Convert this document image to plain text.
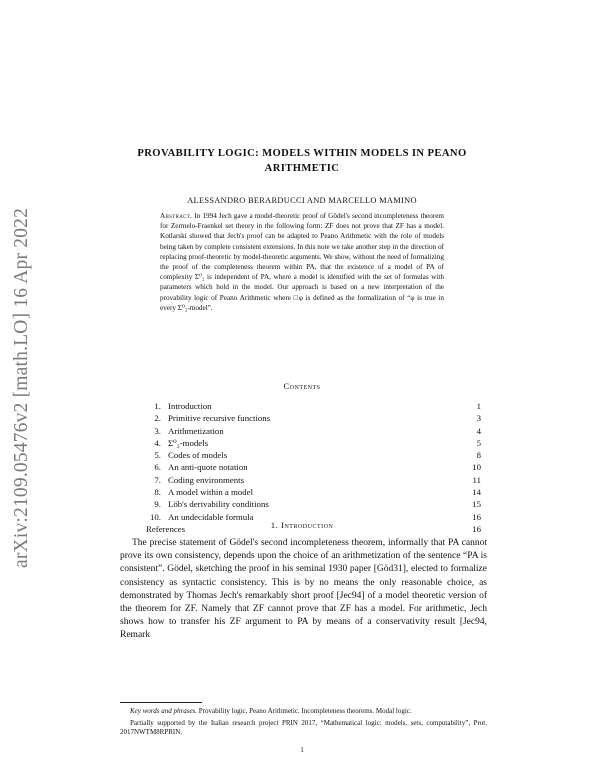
arXiv:2109.05476v2 [math.LO] 16 Apr 2022
PROVABILITY LOGIC: MODELS WITHIN MODELS IN PEANO
ARITHMETIC
ALESSANDRO BERARDUCCI AND MARCELLO MAMINO
Abstract. In 1994 Jech gave a model-theoretic proof of Gödel's second incompleteness theorem for Zermelo-Fraenkel set theory in the following form: ZF does not prove that ZF has a model. Kotlarski showed that Jech's proof can be adapted to Peano Arithmetic with the role of models being taken by complete consistent extensions. In this note we take another step in the direction of replacing proof-theoretic by model-theoretic arguments. We show, without the need of formalizing the proof of the completeness theorem within PA, that the existence of a model of PA of complexity Σ⁰₂ is independent of PA, where a model is identified with the set of formulas with parameters which hold in the model. Our approach is based on a new interpretation of the provability logic of Peano Arithmetic where □φ is defined as the formalization of “φ is true in every Σ⁰₂-model”.
Contents
1. Introduction	1
2. Primitive recursive functions	3
3. Arithmetization	4
4. Σ⁰₂-models	5
5. Codes of models	8
6. An anti-quote notation	10
7. Coding environments	11
8. A model within a model	14
9. Löb's derivability conditions	15
10. An undecidable formula	16
References	16
1. Introduction
The precise statement of Gödel's second incompleteness theorem, informally that PA cannot prove its own consistency, depends upon the choice of an arithmetization of the sentence “PA is consistent”. Gödel, sketching the proof in his seminal 1930 paper [Göd31], elected to formalize consistency as syntactic consistency. This is by no means the only reasonable choice, as demonstrated by Thomas Jech's remarkably short proof [Jec94] of a model theoretic version of the theorem for ZF. Namely that ZF cannot prove that ZF has a model. For arithmetic, Jech shows how to transfer his ZF argument to PA by means of a conservativity result [Jec94, Remark

Key words and phrases. Provability logic, Peano Arithmetic. Incompleteness theorems. Modal logic.

Partially supported by the Italian research project PRIN 2017, “Mathematical logic: models, sets, computability”, Prot. 2017NWTM8RPRIN.

1
